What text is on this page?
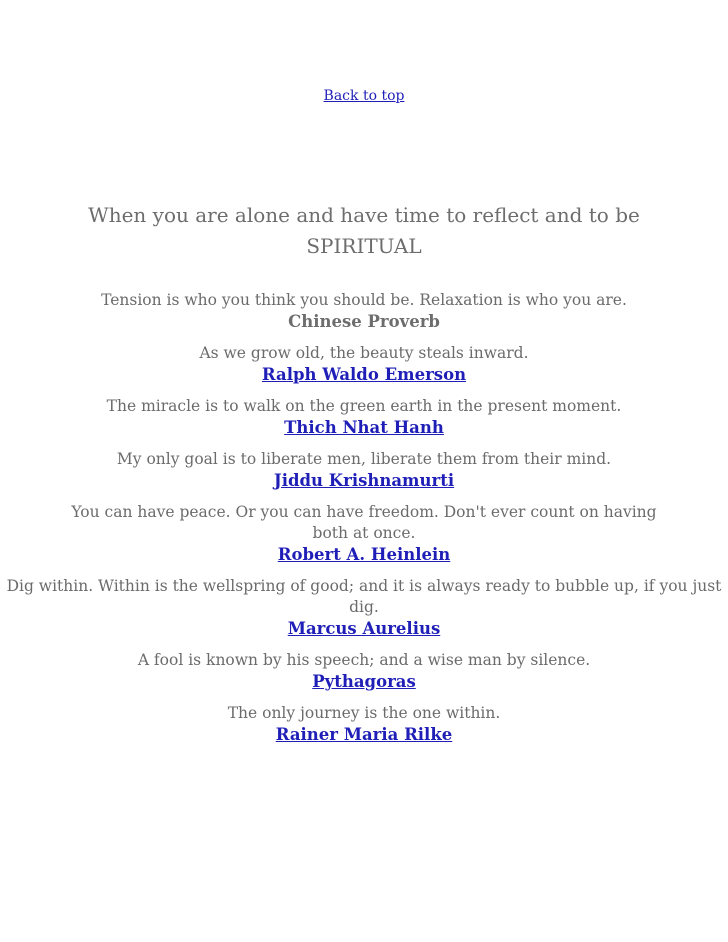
Back to top
When you are alone and have time to reflect and to be SPIRITUAL

Tension is who you think you should be. Relaxation is who you are.

Chinese Proverb

As we grow old, the beauty steals inward.

Ralph Waldo Emerson

The miracle is to walk on the green earth in the present moment.

Thich Nhat Hanh

My only goal is to liberate men, liberate them from their mind.

Jiddu Krishnamurti

You can have peace. Or you can have freedom. Don't ever count on having both at once.

Robert A. Heinlein

Dig within. Within is the wellspring of good; and it is always ready to bubble up, if you just dig.

Marcus Aurelius

A fool is known by his speech; and a wise man by silence.

Pythagoras

The only journey is the one within.

Rainer Maria Rilke
